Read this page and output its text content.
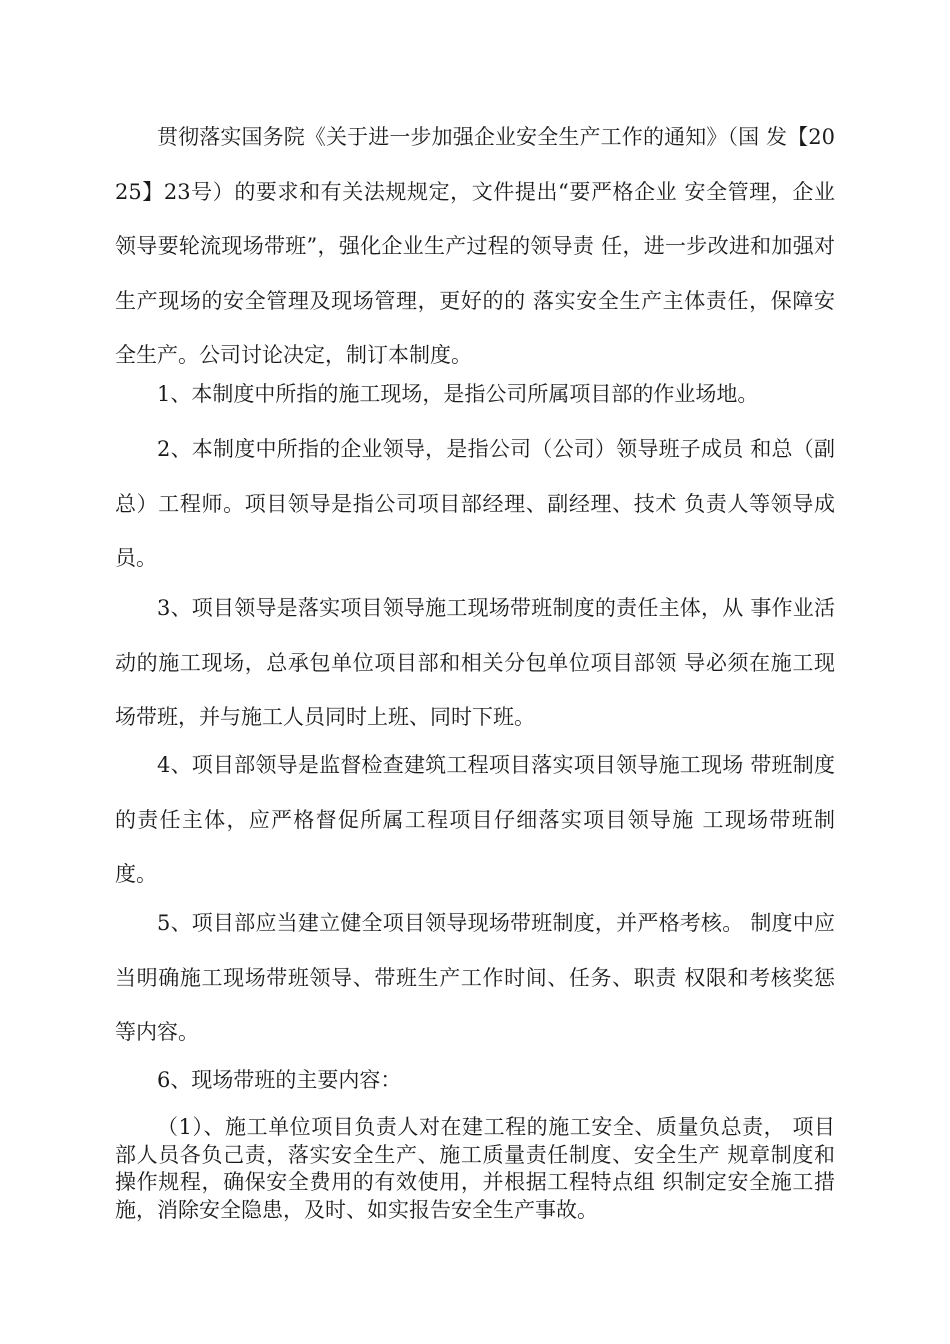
贯彻落实国务院《关于进一步加强企业安全生产工作的通知》（国 发【2025】23号）的要求和有关法规规定，文件提出“要严格企业 安全管理，企业领导要轮流现场带班”，强化企业生产过程的领导责 任，进一步改进和加强对生产现场的安全管理及现场管理，更好的的 落实安全生产主体责任，保障安全生产。公司讨论决定，制订本制度。

1、本制度中所指的施工现场，是指公司所属项目部的作业场地。

2、本制度中所指的企业领导，是指公司（公司）领导班子成员 和总（副总）工程师。项目领导是指公司项目部经理、副经理、技术 负责人等领导成员。

3、项目领导是落实项目领导施工现场带班制度的责任主体，从 事作业活动的施工现场，总承包单位项目部和相关分包单位项目部领 导必须在施工现场带班，并与施工人员同时上班、同时下班。

4、项目部领导是监督检查建筑工程项目落实项目领导施工现场 带班制度的责任主体，应严格督促所属工程项目仔细落实项目领导施 工现场带班制度。

5、项目部应当建立健全项目领导现场带班制度，并严格考核。 制度中应当明确施工现场带班领导、带班生产工作时间、任务、职责 权限和考核奖惩等内容。

6、现场带班的主要内容：

（1）、施工单位项目负责人对在建工程的施工安全、质量负总责， 项目部人员各负己责，落实安全生产、施工质量责任制度、安全生产 规章制度和操作规程，确保安全费用的有效使用，并根据工程特点组 织制定安全施工措施，消除安全隐患，及时、如实报告安全生产事故。
